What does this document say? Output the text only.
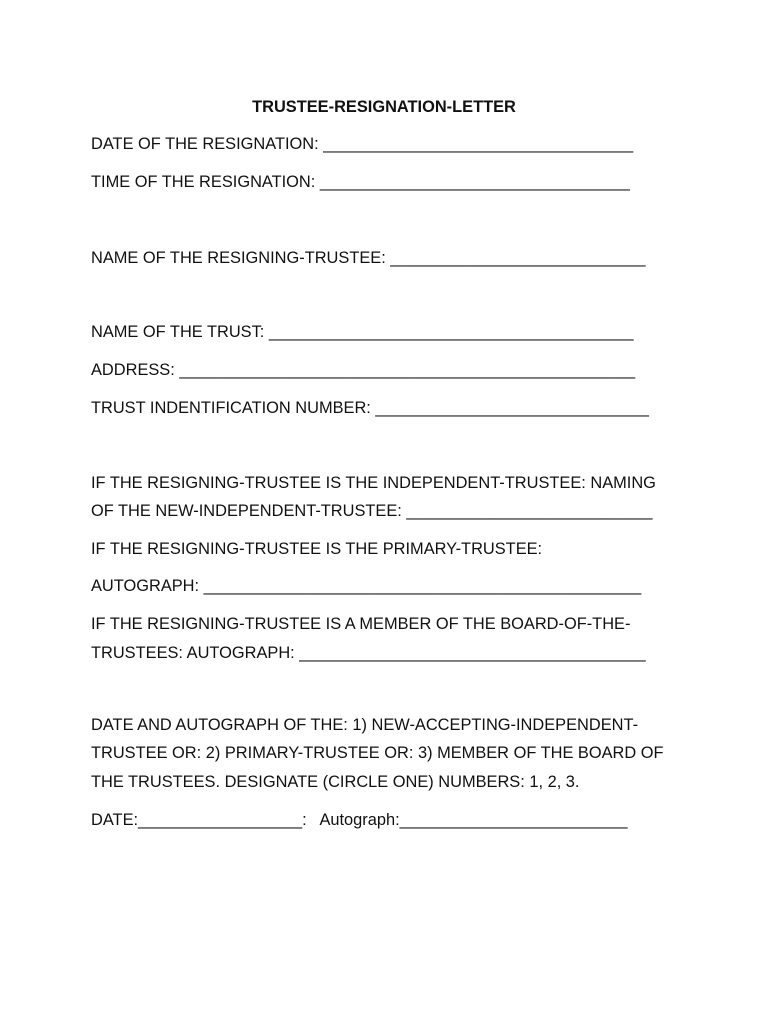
TRUSTEE-RESIGNATION-LETTER
DATE OF THE RESIGNATION: __________________________________
TIME OF THE RESIGNATION: __________________________________
NAME OF THE RESIGNING-TRUSTEE: ____________________________
NAME OF THE TRUST: ________________________________________
ADDRESS: __________________________________________________
TRUST INDENTIFICATION NUMBER: ______________________________
IF THE RESIGNING-TRUSTEE IS THE INDEPENDENT-TRUSTEE: NAMING
OF THE NEW-INDEPENDENT-TRUSTEE: ___________________________
IF THE RESIGNING-TRUSTEE IS THE PRIMARY-TRUSTEE:
AUTOGRAPH: ________________________________________________
IF THE RESIGNING-TRUSTEE IS A MEMBER OF THE BOARD-OF-THE-
TRUSTEES: AUTOGRAPH: ______________________________________
DATE AND AUTOGRAPH OF THE: 1) NEW-ACCEPTING-INDEPENDENT-
TRUSTEE OR: 2) PRIMARY-TRUSTEE OR: 3) MEMBER OF THE BOARD OF
THE TRUSTEES. DESIGNATE (CIRCLE ONE) NUMBERS: 1, 2, 3.
DATE:__________________:   Autograph:_________________________
